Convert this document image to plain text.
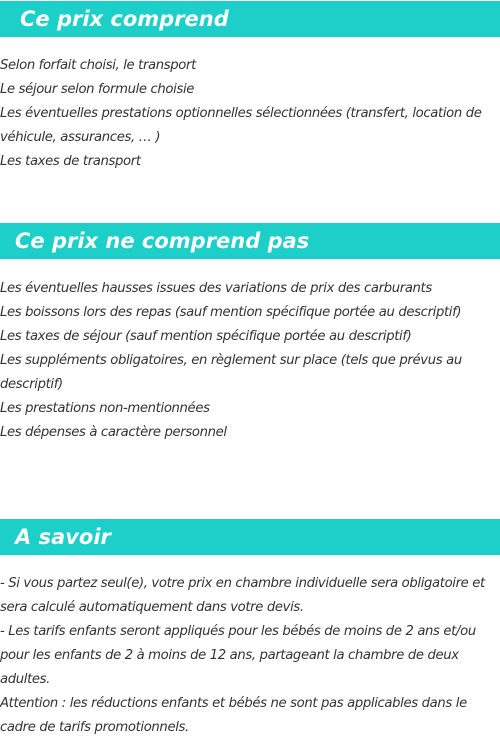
Ce prix comprend
Selon forfait choisi, le transport
Le séjour selon formule choisie
Les éventuelles prestations optionnelles sélectionnées (transfert, location de véhicule, assurances, … )
Les taxes de transport
Ce prix ne comprend pas
Les éventuelles hausses issues des variations de prix des carburants
Les boissons lors des repas (sauf mention spécifique portée au descriptif)
Les taxes de séjour (sauf mention spécifique portée au descriptif)
Les suppléments obligatoires, en règlement sur place (tels que prévus au descriptif)
Les prestations non-mentionnées
Les dépenses à caractère personnel
A savoir
- Si vous partez seul(e), votre prix en chambre individuelle sera obligatoire et sera calculé automatiquement dans votre devis.
- Les tarifs enfants seront appliqués pour les bébés de moins de 2 ans et/ou pour les enfants de 2 à moins de 12 ans, partageant la chambre de deux adultes.
Attention : les réductions enfants et bébés ne sont pas applicables dans le cadre de tarifs promotionnels.
